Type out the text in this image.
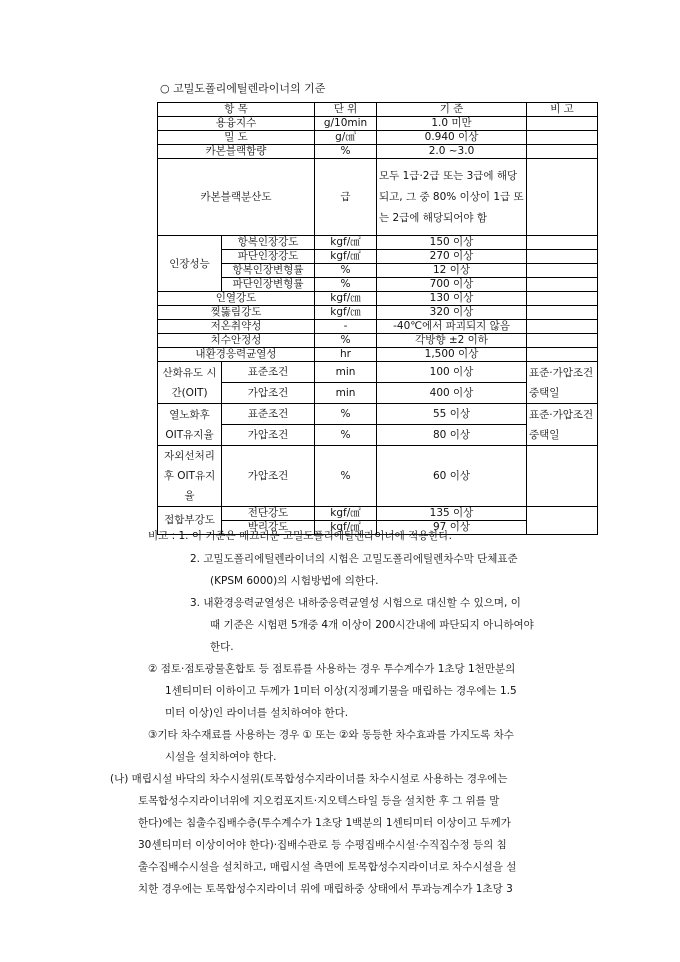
○ 고밀도폴리에틸렌라이너의 기준
항 목		단 위	기 준	비 고
용융지수		g/10min	1.0 미만	
밀 도		g/㎤	0.940 이상	
카본블랙함량		%	2.0 ~3.0	
카본블랙분산도		급	모두 1급·2급 또는 3급에 해당되고, 그 중 80% 이상이 1급 또는 2급에 해당되어야 함	
인장성능	항복인장강도	kgf/㎠	150 이상	
	파단인장강도	kgf/㎠	270 이상	
	항복인장변형률	%	12 이상	
	파단인장변형률	%	700 이상	
인열강도		kgf/㎝	130 이상	
찢뚫림강도		kgf/㎝	320 이상	
저온취약성		-	-40℃에서 파괴되지 않음	
치수안정성		%	각방향 ±2 이하	
내환경응력균열성		hr	1,500 이상	
산화유도 시간(OIT)	표준조건	min	100 이상	표준·가압조건중택일
	가압조건	min	400 이상	
열노화후 OIT유지율	표준조건	%	55 이상	표준·가압조건중택일
	가압조건	%	80 이상	
자외선처리후 OIT유지율	가압조건	%	60 이상	
접합부강도	전단강도	kgf/㎠	135 이상	
	박리강도	kgf/㎠	97 이상	
비고 : 1. 이 기준은 매끄러운 고밀도폴리에틸렌라이너에 적용한다.
2. 고밀도폴리에틸렌라이너의 시험은 고밀도폴리에틸렌차수막 단체표준
(KPSM 6000)의 시험방법에 의한다.
3. 내환경응력균열성은 내하중응력균열성 시험으로 대신할 수 있으며, 이
때 기준은 시험편 5개중 4개 이상이 200시간내에 파단되지 아니하여야
한다.
② 점토·점토광물혼합토 등 점토류를 사용하는 경우 투수계수가 1초당 1천만분의
1센티미터 이하이고 두께가 1미터 이상(지정폐기물을 매립하는 경우에는 1.5
미터 이상)인 라이너를 설치하여야 한다.
③기타 차수재료를 사용하는 경우 ① 또는 ②와 동등한 차수효과를 가지도록 차수
시설을 설치하여야 한다.
(나) 매립시설 바닥의 차수시설위(토목합성수지라이너를 차수시설로 사용하는 경우에는
토목합성수지라이너위에 지오컴포지트·지오텍스타일 등을 설치한 후 그 위를 말
한다)에는 침출수집배수층(투수계수가 1초당 1백분의 1센티미터 이상이고 두께가
30센티미터 이상이어야 한다)·집배수관로 등 수평집배수시설·수직집수정 등의 침
출수집배수시설을 설치하고, 매립시설 측면에 토목합성수지라이너로 차수시설을 설
치한 경우에는 토목합성수지라이너 위에 매립하중 상태에서 투과능계수가 1초당 3
